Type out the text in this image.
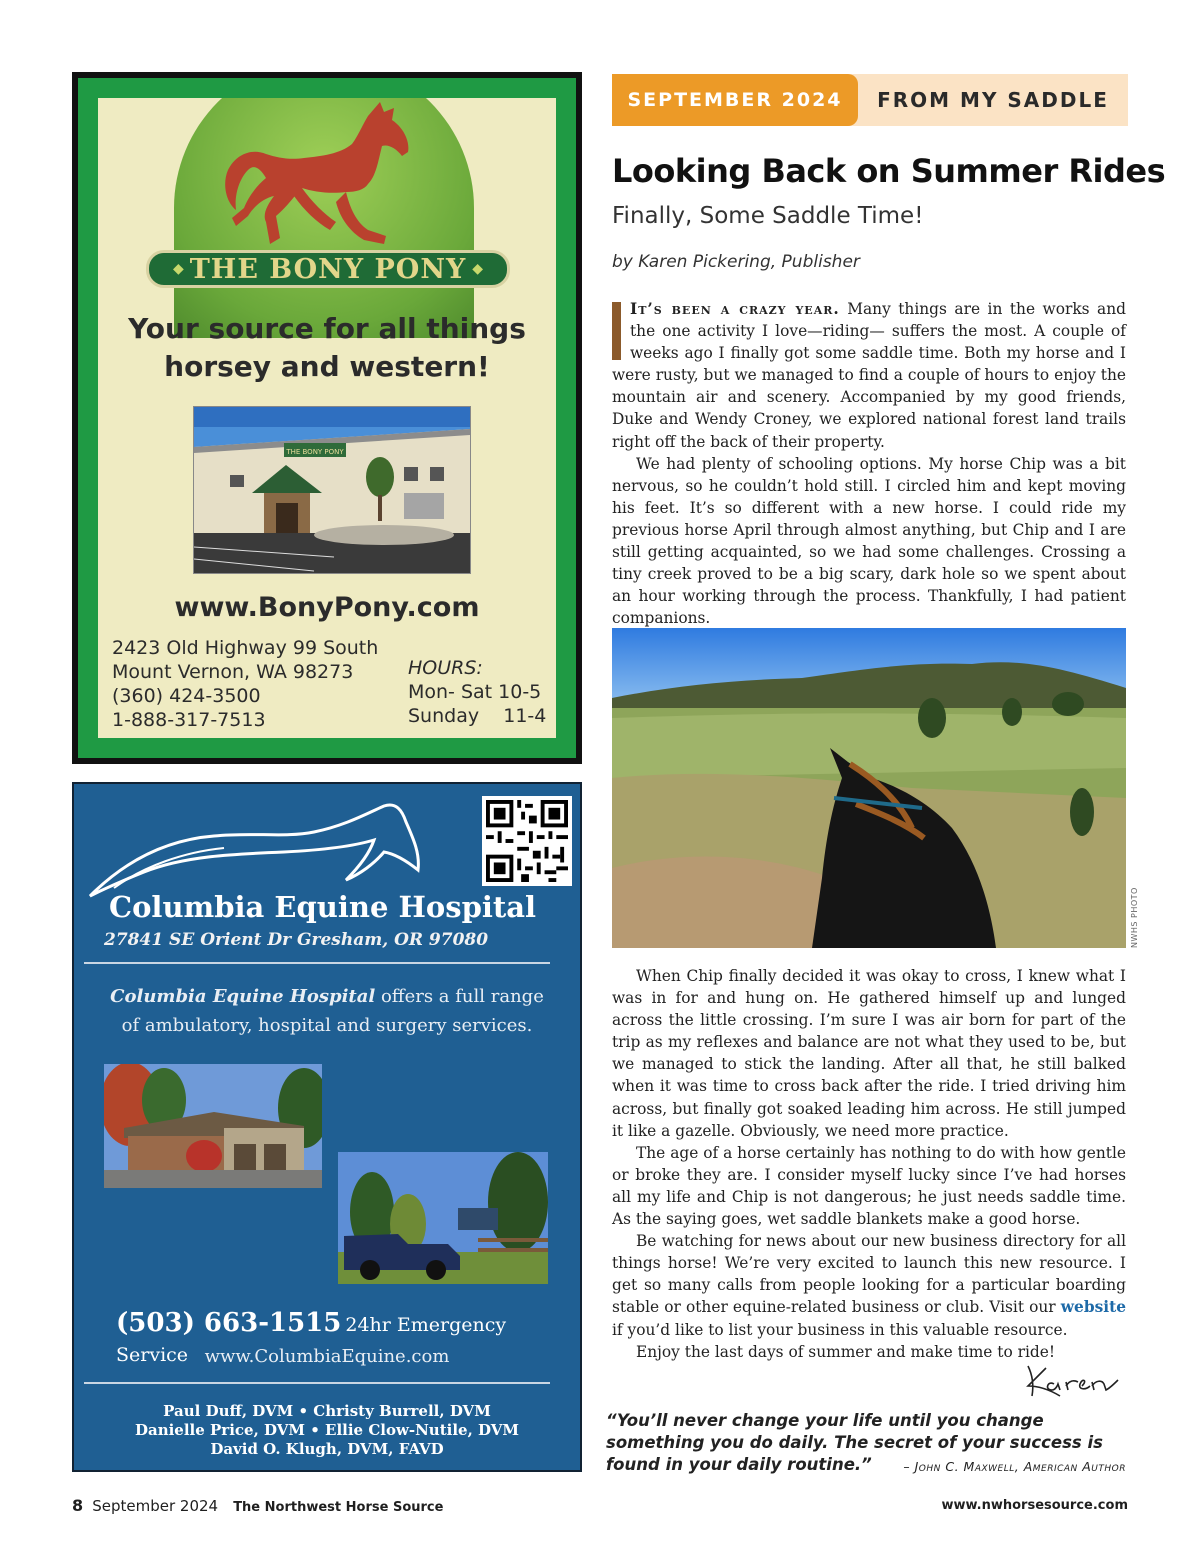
◆ THE BONY PONY ◆
Your source for all things
horsey and western!
THE BONY PONY
www.BonyPony.com
2423 Old Highway 99 South
Mount Vernon, WA 98273
(360) 424-3500
1-888-317-7513
HOURS:
Mon- Sat 10-5
Sunday    11-4
Columbia Equine Hospital
27841 SE Orient Dr Gresham, OR 97080
Columbia Equine Hospital offers a full range of ambulatory, hospital and surgery services.
(503) 663-1515 24hr Emergency Service www.ColumbiaEquine.com
Paul Duff, DVM • Christy Burrell, DVM
Danielle Price, DVM • Ellie Clow-Nutile, DVM
David O. Klugh, DVM, FAVD
SEPTEMBER 2024	FROM MY SADDLE
Looking Back on Summer Rides
Finally, Some Saddle Time!
by Karen Pickering, Publisher

It’s been a crazy year. Many things are in the works and the one activity I love—riding— suffers the most. A couple of weeks ago I finally got some saddle time. Both my horse and I were rusty, but we managed to find a couple of hours to enjoy the mountain air and scenery. Accompanied by my good friends, Duke and Wendy Croney, we explored national forest land trails right off the back of their property.

We had plenty of schooling options. My horse Chip was a bit nervous, so he couldn’t hold still. I circled him and kept moving his feet. It’s so different with a new horse. I could ride my previous horse April through almost anything, but Chip and I are still getting acquainted, so we had some challenges. Crossing a tiny creek proved to be a big scary, dark hole so we spent about an hour working through the process. Thankfully, I had patient companions.

NWHS PHOTO

When Chip finally decided it was okay to cross, I knew what I was in for and hung on. He gathered himself up and lunged across the little crossing. I’m sure I was air born for part of the trip as my reflexes and balance are not what they used to be, but we managed to stick the landing. After all that, he still balked when it was time to cross back after the ride. I tried driving him across, but finally got soaked leading him across. He still jumped it like a gazelle. Obviously, we need more practice.

The age of a horse certainly has nothing to do with how gentle or broke they are. I consider myself lucky since I’ve had horses all my life and Chip is not dangerous; he just needs saddle time. As the saying goes, wet saddle blankets make a good horse.

Be watching for news about our new business directory for all things horse! We’re very excited to launch this new resource. I get so many calls from people looking for a particular boarding stable or other equine-related business or club. Visit our website if you’d like to list your business in this valuable resource.

Enjoy the last days of summer and make time to ride!

“You’ll never change your life until you change something you do daily. The secret of your success is found in your daily routine.”	– John C. Maxwell, American Author
8 September 2024 The Northwest Horse Source	www.nwhorsesource.com
